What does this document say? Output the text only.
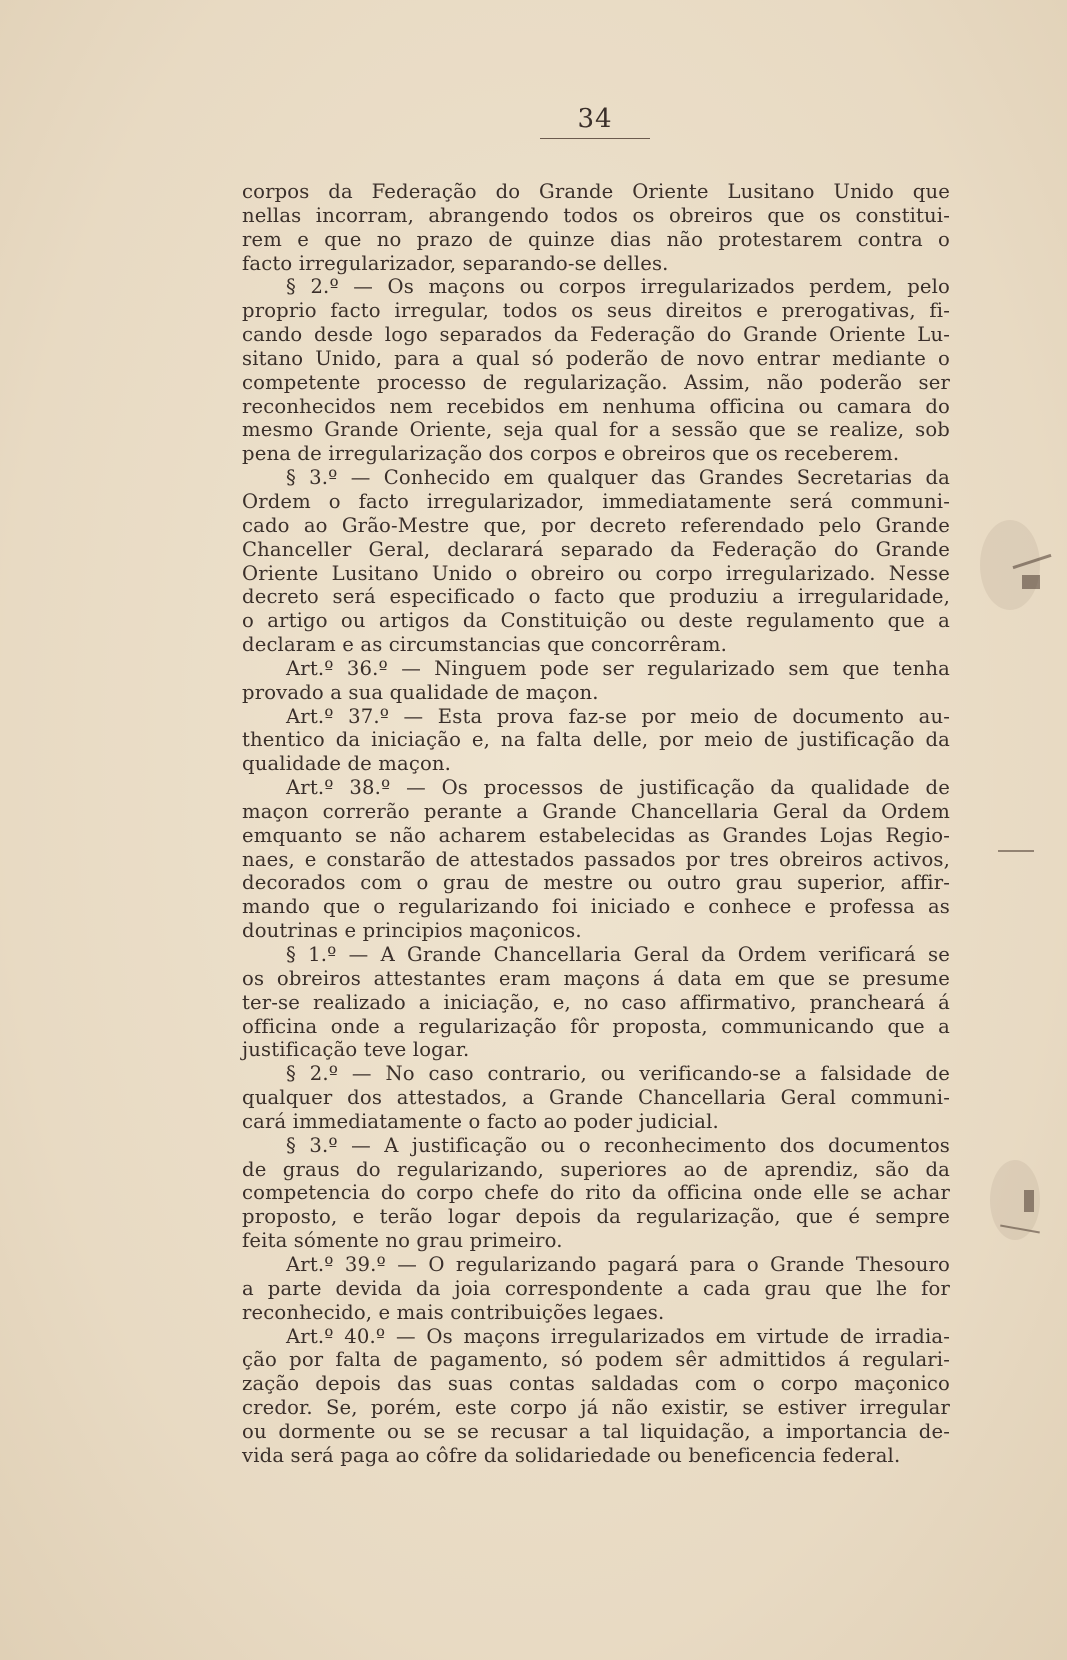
34
corpos da Federação do Grande Oriente Lusitano Unido que
nellas incorram, abrangendo todos os obreiros que os constitui-
rem e que no prazo de quinze dias não protestarem contra o
facto irregularizador, separando-se delles.
§ 2.º — Os maçons ou corpos irregularizados perdem, pelo
proprio facto irregular, todos os seus direitos e prerogativas, fi-
cando desde logo separados da Federação do Grande Oriente Lu-
sitano Unido, para a qual só poderão de novo entrar mediante o
competente processo de regularização. Assim, não poderão ser
reconhecidos nem recebidos em nenhuma officina ou camara do
mesmo Grande Oriente, seja qual for a sessão que se realize, sob
pena de irregularização dos corpos e obreiros que os receberem.
§ 3.º — Conhecido em qualquer das Grandes Secretarias da
Ordem o facto irregularizador, immediatamente será communi-
cado ao Grão-Mestre que, por decreto referendado pelo Grande
Chanceller Geral, declarará separado da Federação do Grande
Oriente Lusitano Unido o obreiro ou corpo irregularizado. Nesse
decreto será especificado o facto que produziu a irregularidade,
o artigo ou artigos da Constituição ou deste regulamento que a
declaram e as circumstancias que concorrêram.
Art.º 36.º — Ninguem pode ser regularizado sem que tenha
provado a sua qualidade de maçon.
Art.º 37.º — Esta prova faz-se por meio de documento au-
thentico da iniciação e, na falta delle, por meio de justificação da
qualidade de maçon.
Art.º 38.º — Os processos de justificação da qualidade de
maçon correrão perante a Grande Chancellaria Geral da Ordem
emquanto se não acharem estabelecidas as Grandes Lojas Regio-
naes, e constarão de attestados passados por tres obreiros activos,
decorados com o grau de mestre ou outro grau superior, affir-
mando que o regularizando foi iniciado e conhece e professa as
doutrinas e principios maçonicos.
§ 1.º — A Grande Chancellaria Geral da Ordem verificará se
os obreiros attestantes eram maçons á data em que se presume
ter-se realizado a iniciação, e, no caso affirmativo, prancheará á
officina onde a regularização fôr proposta, communicando que a
justificação teve logar.
§ 2.º — No caso contrario, ou verificando-se a falsidade de
qualquer dos attestados, a Grande Chancellaria Geral communi-
cará immediatamente o facto ao poder judicial.
§ 3.º — A justificação ou o reconhecimento dos documentos
de graus do regularizando, superiores ao de aprendiz, são da
competencia do corpo chefe do rito da officina onde elle se achar
proposto, e terão logar depois da regularização, que é sempre
feita sómente no grau primeiro.
Art.º 39.º — O regularizando pagará para o Grande Thesouro
a parte devida da joia correspondente a cada grau que lhe for
reconhecido, e mais contribuições legaes.
Art.º 40.º — Os maçons irregularizados em virtude de irradia-
ção por falta de pagamento, só podem sêr admittidos á regulari-
zação depois das suas contas saldadas com o corpo maçonico
credor. Se, porém, este corpo já não existir, se estiver irregular
ou dormente ou se se recusar a tal liquidação, a importancia de-
vida será paga ao côfre da solidariedade ou beneficencia federal.
